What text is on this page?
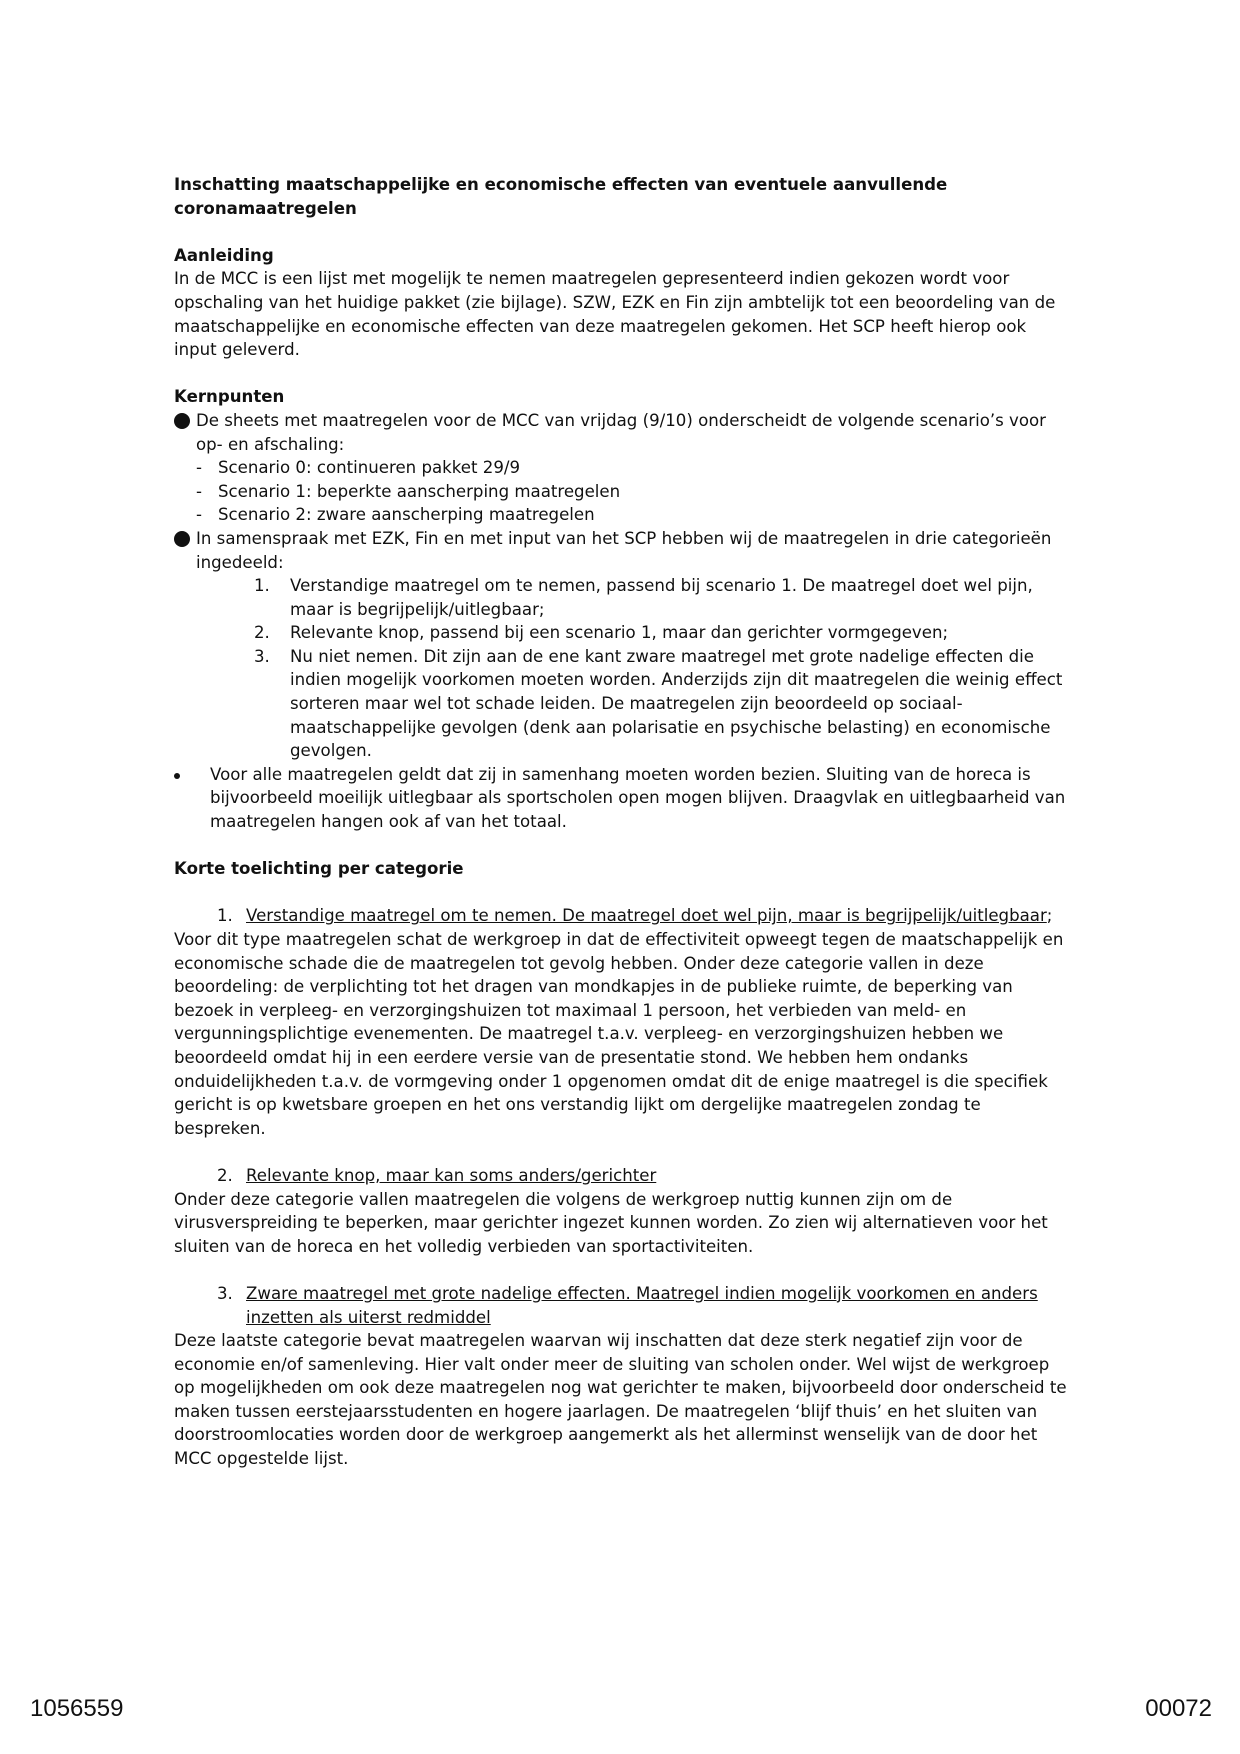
Inschatting maatschappelijke en economische effecten van eventuele aanvullende
coronamaatregelen

Aanleiding

In de MCC is een lijst met mogelijk te nemen maatregelen gepresenteerd indien gekozen wordt voor opschaling van het huidige pakket (zie bijlage). SZW, EZK en Fin zijn ambtelijk tot een beoordeling van de maatschappelijke en economische effecten van deze maatregelen gekomen. Het SCP heeft hierop ook input geleverd.

Kernpunten

De sheets met maatregelen voor de MCC van vrijdag (9/10) onderscheidt de volgende scenario’s voor op- en afschaling:
- Scenario 0: continueren pakket 29/9
- Scenario 1: beperkte aanscherping maatregelen
- Scenario 2: zware aanscherping maatregelen
In samenspraak met EZK, Fin en met input van het SCP hebben wij de maatregelen in drie categorieën ingedeeld:
1. Verstandige maatregel om te nemen, passend bij scenario 1. De maatregel doet wel pijn, maar is begrijpelijk/uitlegbaar;
2. Relevante knop, passend bij een scenario 1, maar dan gerichter vormgegeven;
3. Nu niet nemen. Dit zijn aan de ene kant zware maatregel met grote nadelige effecten die indien mogelijk voorkomen moeten worden. Anderzijds zijn dit maatregelen die weinig effect sorteren maar wel tot schade leiden. De maatregelen zijn beoordeeld op sociaal-maatschappelijke gevolgen (denk aan polarisatie en psychische belasting) en economische gevolgen.
Voor alle maatregelen geldt dat zij in samenhang moeten worden bezien. Sluiting van de horeca is bijvoorbeeld moeilijk uitlegbaar als sportscholen open mogen blijven. Draagvlak en uitlegbaarheid van maatregelen hangen ook af van het totaal.

Korte toelichting per categorie

1. Verstandige maatregel om te nemen. De maatregel doet wel pijn, maar is begrijpelijk/uitlegbaar;

Voor dit type maatregelen schat de werkgroep in dat de effectiviteit opweegt tegen de maatschappelijk en economische schade die de maatregelen tot gevolg hebben. Onder deze categorie vallen in deze beoordeling: de verplichting tot het dragen van mondkapjes in de publieke ruimte, de beperking van bezoek in verpleeg- en verzorgingshuizen tot maximaal 1 persoon, het verbieden van meld- en vergunningsplichtige evenementen. De maatregel t.a.v. verpleeg- en verzorgingshuizen hebben we beoordeeld omdat hij in een eerdere versie van de presentatie stond. We hebben hem ondanks onduidelijkheden t.a.v. de vormgeving onder 1 opgenomen omdat dit de enige maatregel is die specifiek gericht is op kwetsbare groepen en het ons verstandig lijkt om dergelijke maatregelen zondag te bespreken.

2. Relevante knop, maar kan soms anders/gerichter

Onder deze categorie vallen maatregelen die volgens de werkgroep nuttig kunnen zijn om de virusverspreiding te beperken, maar gerichter ingezet kunnen worden. Zo zien wij alternatieven voor het sluiten van de horeca en het volledig verbieden van sportactiviteiten.

3. Zware maatregel met grote nadelige effecten. Maatregel indien mogelijk voorkomen en anders inzetten als uiterst redmiddel

Deze laatste categorie bevat maatregelen waarvan wij inschatten dat deze sterk negatief zijn voor de economie en/of samenleving. Hier valt onder meer de sluiting van scholen onder. Wel wijst de werkgroep op mogelijkheden om ook deze maatregelen nog wat gerichter te maken, bijvoorbeeld door onderscheid te maken tussen eerstejaarsstudenten en hogere jaarlagen. De maatregelen ‘blijf thuis’ en het sluiten van doorstroomlocaties worden door de werkgroep aangemerkt als het allerminst wenselijk van de door het MCC opgestelde lijst.

1056559	00072
